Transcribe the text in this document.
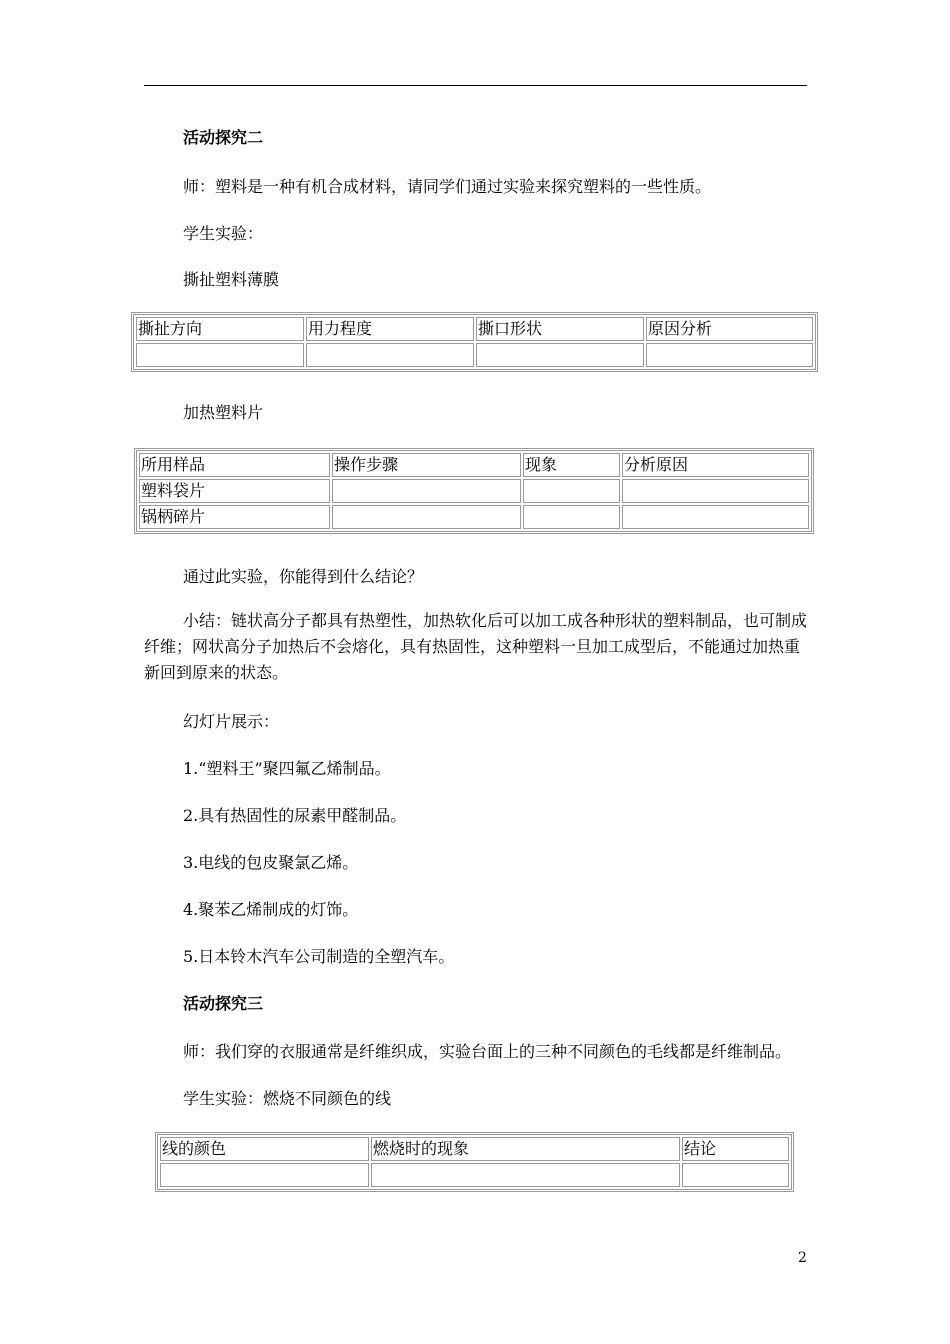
活动探究二
师：塑料是一种有机合成材料，请同学们通过实验来探究塑料的一些性质。
学生实验：
撕扯塑料薄膜
撕扯方向	用力程度	撕口形状	原因分析

加热塑料片
所用样品	操作步骤	现象	分析原因
塑料袋片			
锅柄碎片			
通过此实验，你能得到什么结论？
小结：链状高分子都具有热塑性，加热软化后可以加工成各种形状的塑料制品，也可制成纤维；网状高分子加热后不会熔化，具有热固性，这种塑料一旦加工成型后，不能通过加热重新回到原来的状态。
幻灯片展示：
1.“塑料王”聚四氟乙烯制品。
2.具有热固性的尿素甲醛制品。
3.电线的包皮聚氯乙烯。
4.聚苯乙烯制成的灯饰。
5.日本铃木汽车公司制造的全塑汽车。
活动探究三
师：我们穿的衣服通常是纤维织成，实验台面上的三种不同颜色的毛线都是纤维制品。
学生实验：燃烧不同颜色的线
线的颜色	燃烧时的现象	结论

2
